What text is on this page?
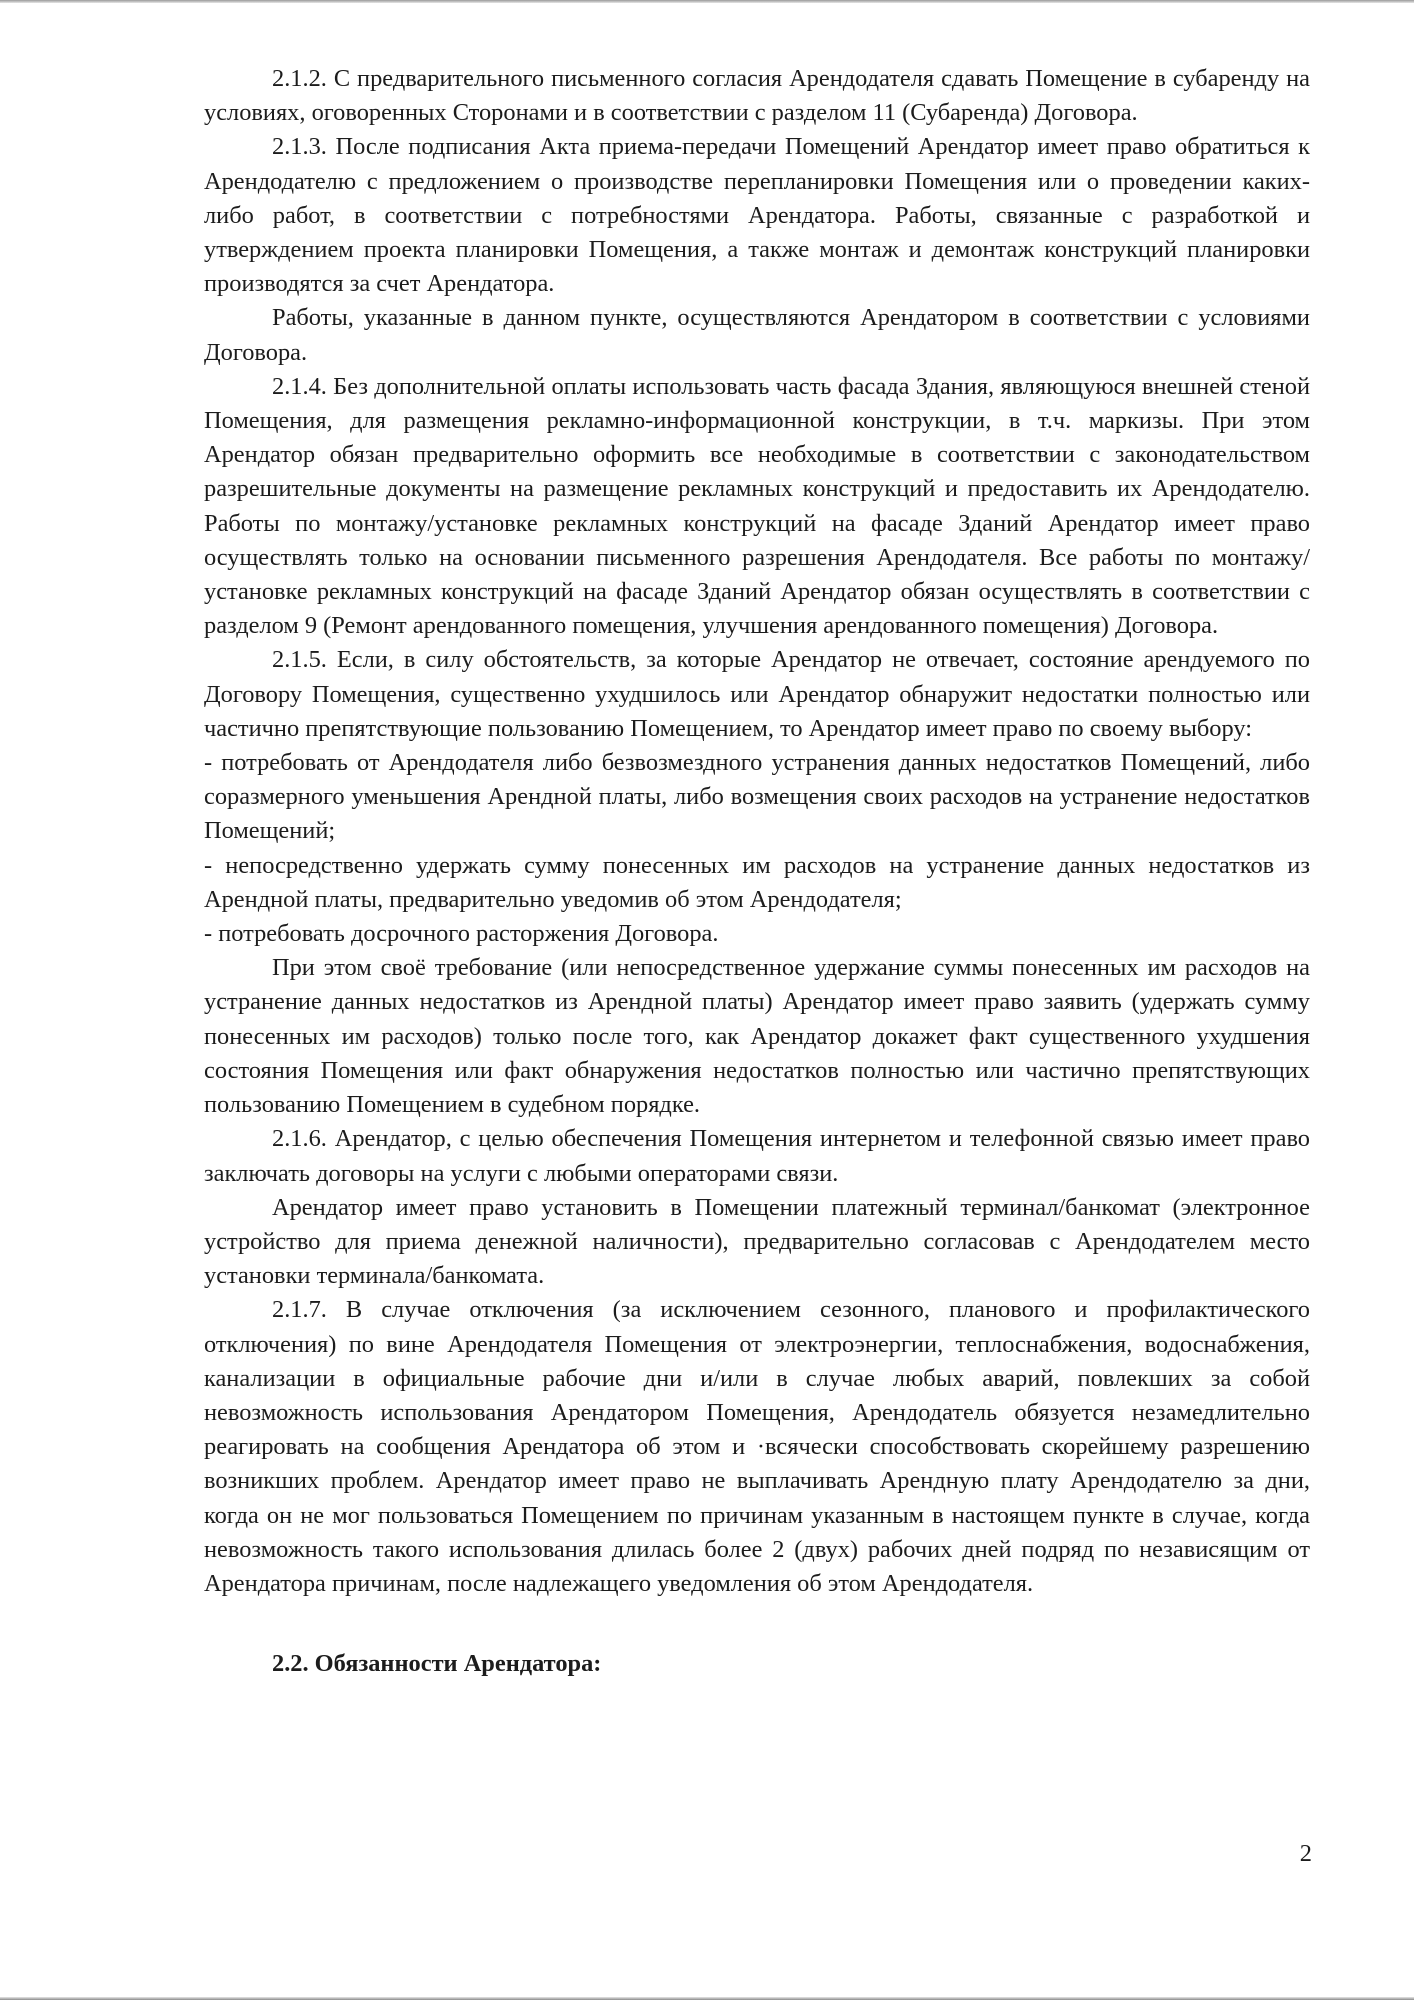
2.1.2. С предварительного письменного согласия Арендодателя сдавать Помещение в субаренду на условиях, оговоренных Сторонами и в соответствии с разделом 11 (Субаренда) Договора.

2.1.3. После подписания Акта приема-передачи Помещений Арендатор имеет право обратиться к Арендодателю с предложением о производстве перепланировки Помещения или о проведении каких-либо работ, в соответствии с потребностями Арендатора. Работы, связанные с разработкой и утверждением проекта планировки Помещения, а также монтаж и демонтаж конструкций планировки производятся за счет Арендатора.

Работы, указанные в данном пункте, осуществляются Арендатором в соответствии с условиями Договора.

2.1.4. Без дополнительной оплаты использовать часть фасада Здания, являющуюся внешней стеной Помещения, для размещения рекламно-информационной конструкции, в т.ч. маркизы. При этом Арендатор обязан предварительно оформить все необходимые в соответствии с законодательством разрешительные документы на размещение рекламных конструкций и предоставить их Арендодателю. Работы по монтажу/установке рекламных конструкций на фасаде Зданий Арендатор имеет право осуществлять только на основании письменного разрешения Арендодателя. Все работы по монтажу/установке рекламных конструкций на фасаде Зданий Арендатор обязан осуществлять в соответствии с разделом 9 (Ремонт арендованного помещения, улучшения арендованного помещения) Договора.

2.1.5. Если, в силу обстоятельств, за которые Арендатор не отвечает, состояние арендуемого по Договору Помещения, существенно ухудшилось или Арендатор обнаружит недостатки полностью или частично препятствующие пользованию Помещением, то Арендатор имеет право по своему выбору:

- потребовать от Арендодателя либо безвозмездного устранения данных недостатков Помещений, либо соразмерного уменьшения Арендной платы, либо возмещения своих расходов на устранение недостатков Помещений;

- непосредственно удержать сумму понесенных им расходов на устранение данных недостатков из Арендной платы, предварительно уведомив об этом Арендодателя;

- потребовать досрочного расторжения Договора.

При этом своё требование (или непосредственное удержание суммы понесенных им расходов на устранение данных недостатков из Арендной платы) Арендатор имеет право заявить (удержать сумму понесенных им расходов) только после того, как Арендатор докажет факт существенного ухудшения состояния Помещения или факт обнаружения недостатков полностью или частично препятствующих пользованию Помещением в судебном порядке.

2.1.6. Арендатор, с целью обеспечения Помещения интернетом и телефонной связью имеет право заключать договоры на услуги с любыми операторами связи.

Арендатор имеет право установить в Помещении платежный терминал/банкомат (электронное устройство для приема денежной наличности), предварительно согласовав с Арендодателем место установки терминала/банкомата.

2.1.7. В случае отключения (за исключением сезонного, планового и профилактического отключения) по вине Арендодателя Помещения от электроэнергии, теплоснабжения, водоснабжения, канализации в официальные рабочие дни и/или в случае любых аварий, повлекших за собой невозможность использования Арендатором Помещения, Арендодатель обязуется незамедлительно реагировать на сообщения Арендатора об этом и ·всячески способствовать скорейшему разрешению возникших проблем. Арендатор имеет право не выплачивать Арендную плату Арендодателю за дни, когда он не мог пользоваться Помещением по причинам указанным в настоящем пункте в случае, когда невозможность такого использования длилась более 2 (двух) рабочих дней подряд по независящим от Арендатора причинам, после надлежащего уведомления об этом Арендодателя.

2.2. Обязанности Арендатора:

2
